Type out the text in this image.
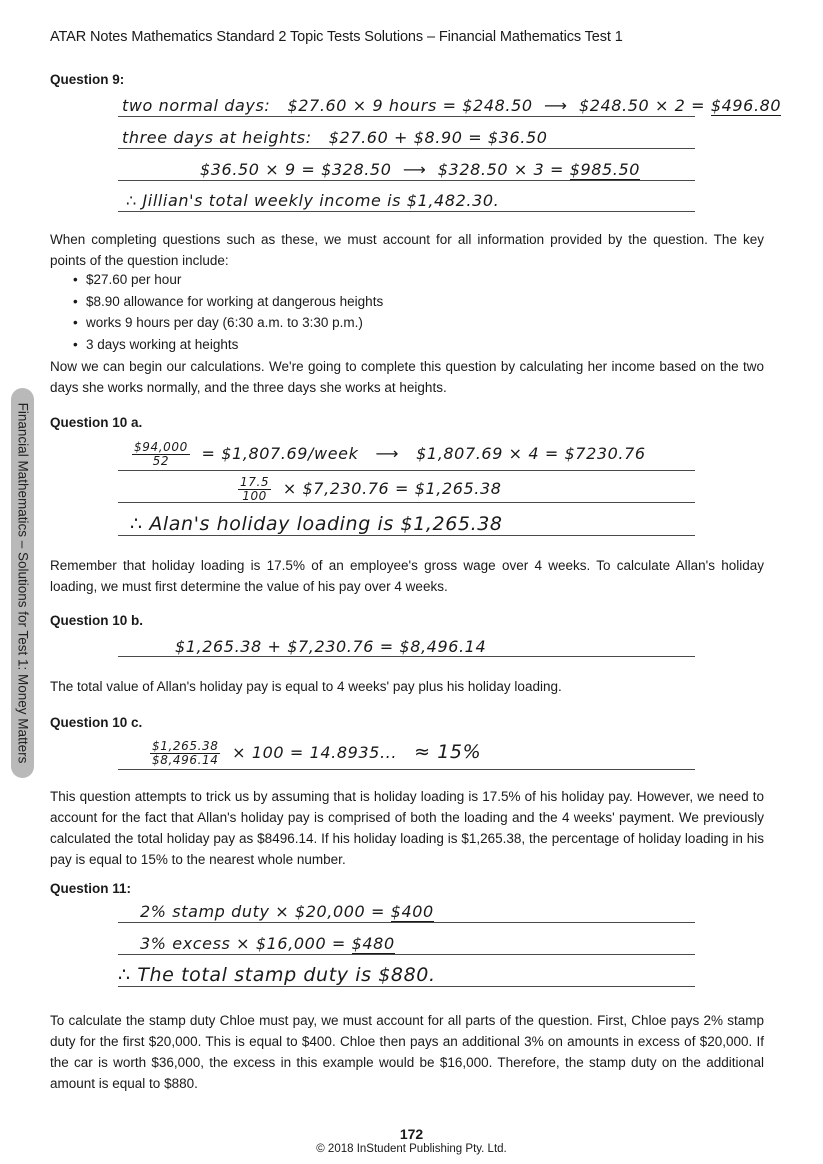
ATAR Notes Mathematics Standard 2 Topic Tests Solutions – Financial Mathematics Test 1
Financial Mathematics – Solutions for Test 1: Money Matters
Question 9:
two normal days: $27.60 × 9 hours = $248.50 ⟶ $248.50 × 2 = $496.80
three days at heights: $27.60 + $8.90 = $36.50
$36.50 × 9 = $328.50 ⟶ $328.50 × 3 = $985.50
∴ Jillian's total weekly income is $1,482.30.
When completing questions such as these, we must account for all information provided by the question. The key points of the question include:
• $27.60 per hour
• $8.90 allowance for working at dangerous heights
• works 9 hours per day (6:30 a.m. to 3:30 p.m.)
• 3 days working at heights
Now we can begin our calculations. We're going to complete this question by calculating her income based on the two days she works normally, and the three days she works at heights.
Question 10 a.
$\frac{\$94,000}{52}$ = $1,807.69/week ⟶ $1,807.69 × 4 = $7230.76
$\frac{17.5}{100}$ × $7,230.76 = $1,265.38
∴ Alan's holiday loading is $1,265.38
Remember that holiday loading is 17.5% of an employee's gross wage over 4 weeks. To calculate Allan's holiday loading, we must first determine the value of his pay over 4 weeks.
Question 10 b.
$1,265.38 + $7,230.76 = $8,496.14
The total value of Allan's holiday pay is equal to 4 weeks' pay plus his holiday loading.
Question 10 c.
$\frac{\$1,265.38}{\$8,496.14} \times 100 = 14.8935$... ≈ 15%
This question attempts to trick us by assuming that is holiday loading is 17.5% of his holiday pay. However, we need to account for the fact that Allan's holiday pay is comprised of both the loading and the 4 weeks' payment. We previously calculated the total holiday pay as $8496.14. If his holiday loading is $1,265.38, the percentage of holiday loading in his pay is equal to 15% to the nearest whole number.
Question 11:
2% stamp duty × $20,000 = $400
3% excess × $16,000 = $480
∴ The total stamp duty is $880.
To calculate the stamp duty Chloe must pay, we must account for all parts of the question. First, Chloe pays 2% stamp duty for the first $20,000. This is equal to $400. Chloe then pays an additional 3% on amounts in excess of $20,000. If the car is worth $36,000, the excess in this example would be $16,000. Therefore, the stamp duty on the additional amount is equal to $880.
172
© 2018 InStudent Publishing Pty. Ltd.
